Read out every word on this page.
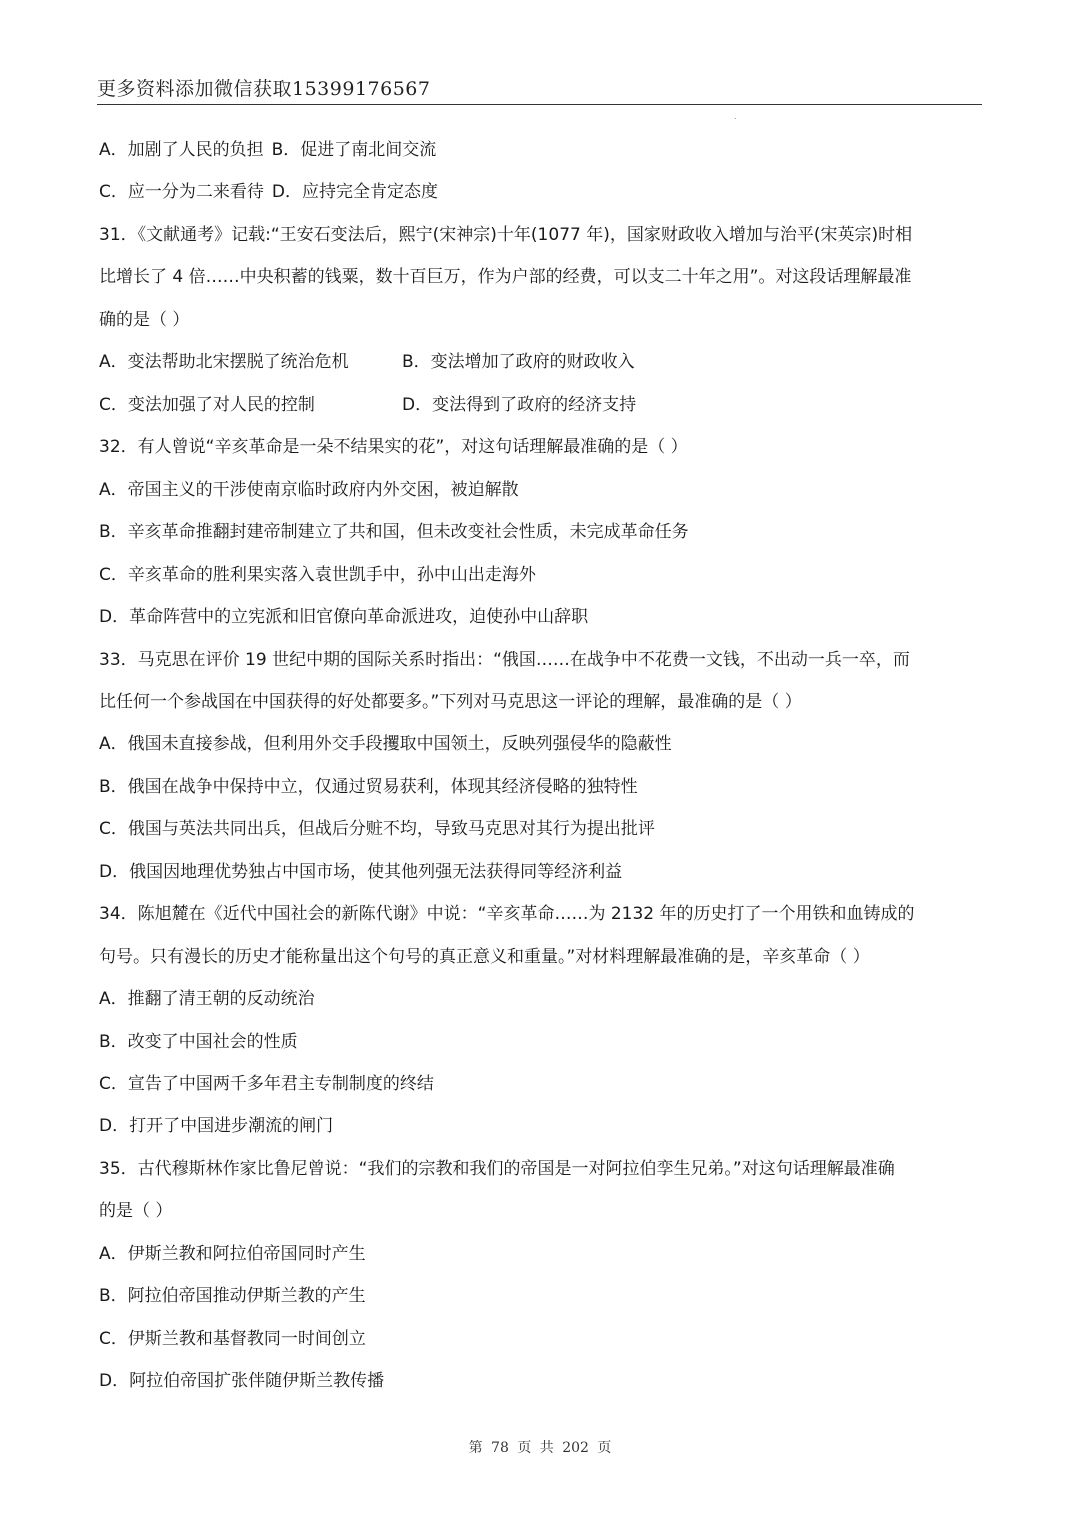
更多资料添加微信获取15399176567
.
A．加剧了人民的负担 B．促进了南北间交流
C．应一分为二来看待 D．应持完全肯定态度
31．《文献通考》记载:“王安石变法后，熙宁(宋神宗)十年(1077 年)，国家财政收入增加与治平(宋英宗)时相
比增长了 4 倍……中央积蓄的钱粟，数十百巨万，作为户部的经费，可以支二十年之用”。对这段话理解最准
确的是（ ）
A．变法帮助北宋摆脱了统治危机	B．变法增加了政府的财政收入
C．变法加强了对人民的控制	D．变法得到了政府的经济支持
32．有人曾说“辛亥革命是一朵不结果实的花”，对这句话理解最准确的是（ ）
A．帝国主义的干涉使南京临时政府内外交困，被迫解散
B．辛亥革命推翻封建帝制建立了共和国，但未改变社会性质，未完成革命任务
C．辛亥革命的胜利果实落入袁世凯手中，孙中山出走海外
D．革命阵营中的立宪派和旧官僚向革命派进攻，迫使孙中山辞职
33．马克思在评价 19 世纪中期的国际关系时指出：“俄国……在战争中不花费一文钱，不出动一兵一卒，而
比任何一个参战国在中国获得的好处都要多。”下列对马克思这一评论的理解，最准确的是（ ）
A．俄国未直接参战，但利用外交手段攫取中国领土，反映列强侵华的隐蔽性
B．俄国在战争中保持中立，仅通过贸易获利，体现其经济侵略的独特性
C．俄国与英法共同出兵，但战后分赃不均，导致马克思对其行为提出批评
D．俄国因地理优势独占中国市场，使其他列强无法获得同等经济利益
34．陈旭麓在《近代中国社会的新陈代谢》中说：“辛亥革命……为 2132 年的历史打了一个用铁和血铸成的
句号。只有漫长的历史才能称量出这个句号的真正意义和重量。”对材料理解最准确的是，辛亥革命（ ）
A．推翻了清王朝的反动统治
B．改变了中国社会的性质
C．宣告了中国两千多年君主专制制度的终结
D．打开了中国进步潮流的闸门
35．古代穆斯林作家比鲁尼曾说：“我们的宗教和我们的帝国是一对阿拉伯孪生兄弟。”对这句话理解最准确
的是（ ）
A．伊斯兰教和阿拉伯帝国同时产生
B．阿拉伯帝国推动伊斯兰教的产生
C．伊斯兰教和基督教同一时间创立
D．阿拉伯帝国扩张伴随伊斯兰教传播
第 78 页 共 202 页
